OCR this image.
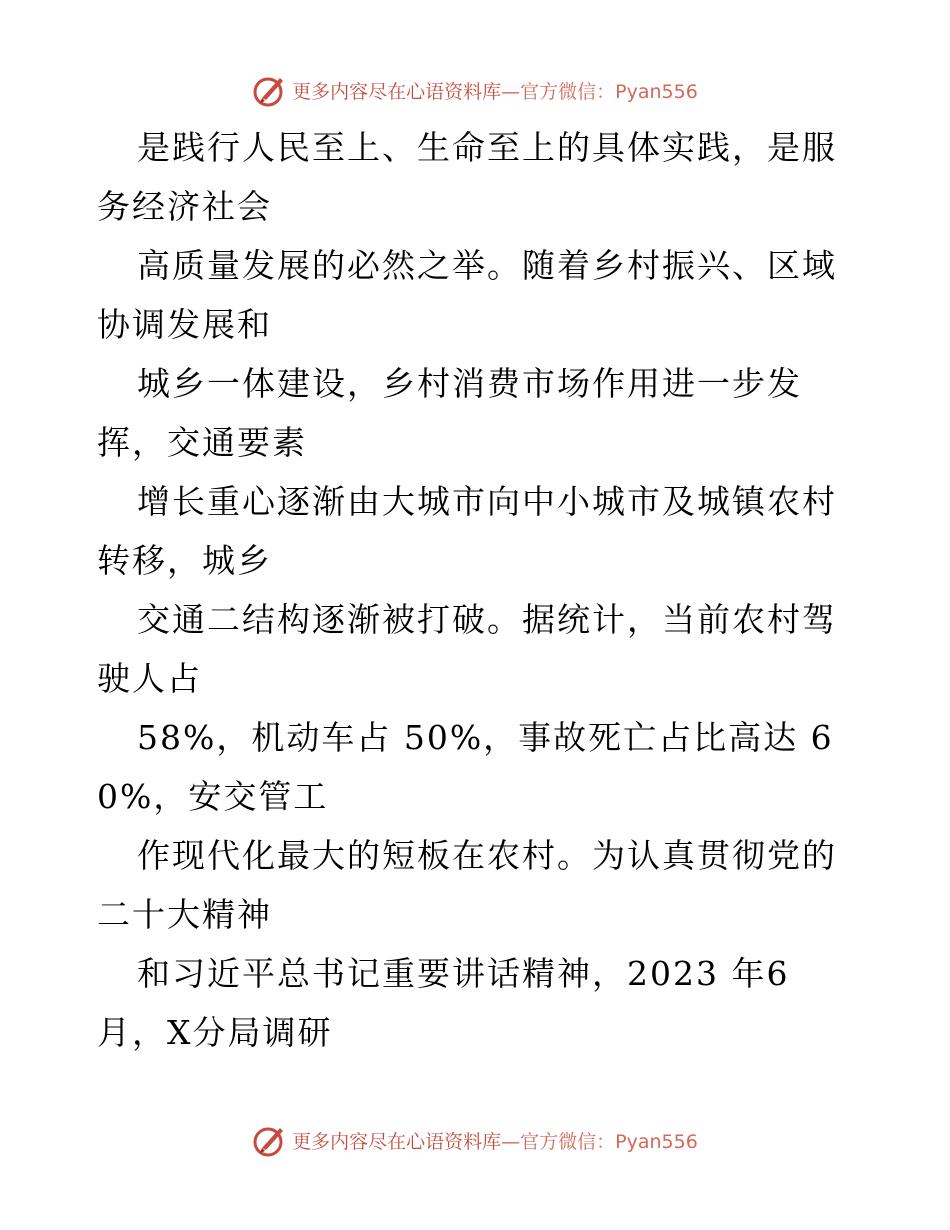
更多内容尽在心语资料库 —官方微信：Pyan556

是践行人民至上、生命至上的具体实践，是服务经济社会

高质量发展的必然之举。随着乡村振兴、区域协调发展和

城乡一体建设，乡村消费市场作用进一步发挥，交通要素

增长重心逐渐由大城市向中小城市及城镇农村转移，城乡

交通二结构逐渐被打破。据统计，当前农村驾驶人占

58%，机动车占 50%，事故死亡占比高达 60%，安交管工

作现代化最大的短板在农村。为认真贯彻党的二十大精神

和习近平总书记重要讲话精神，2023 年6月，X分局调研

更多内容尽在心语资料库 —官方微信：Pyan556
